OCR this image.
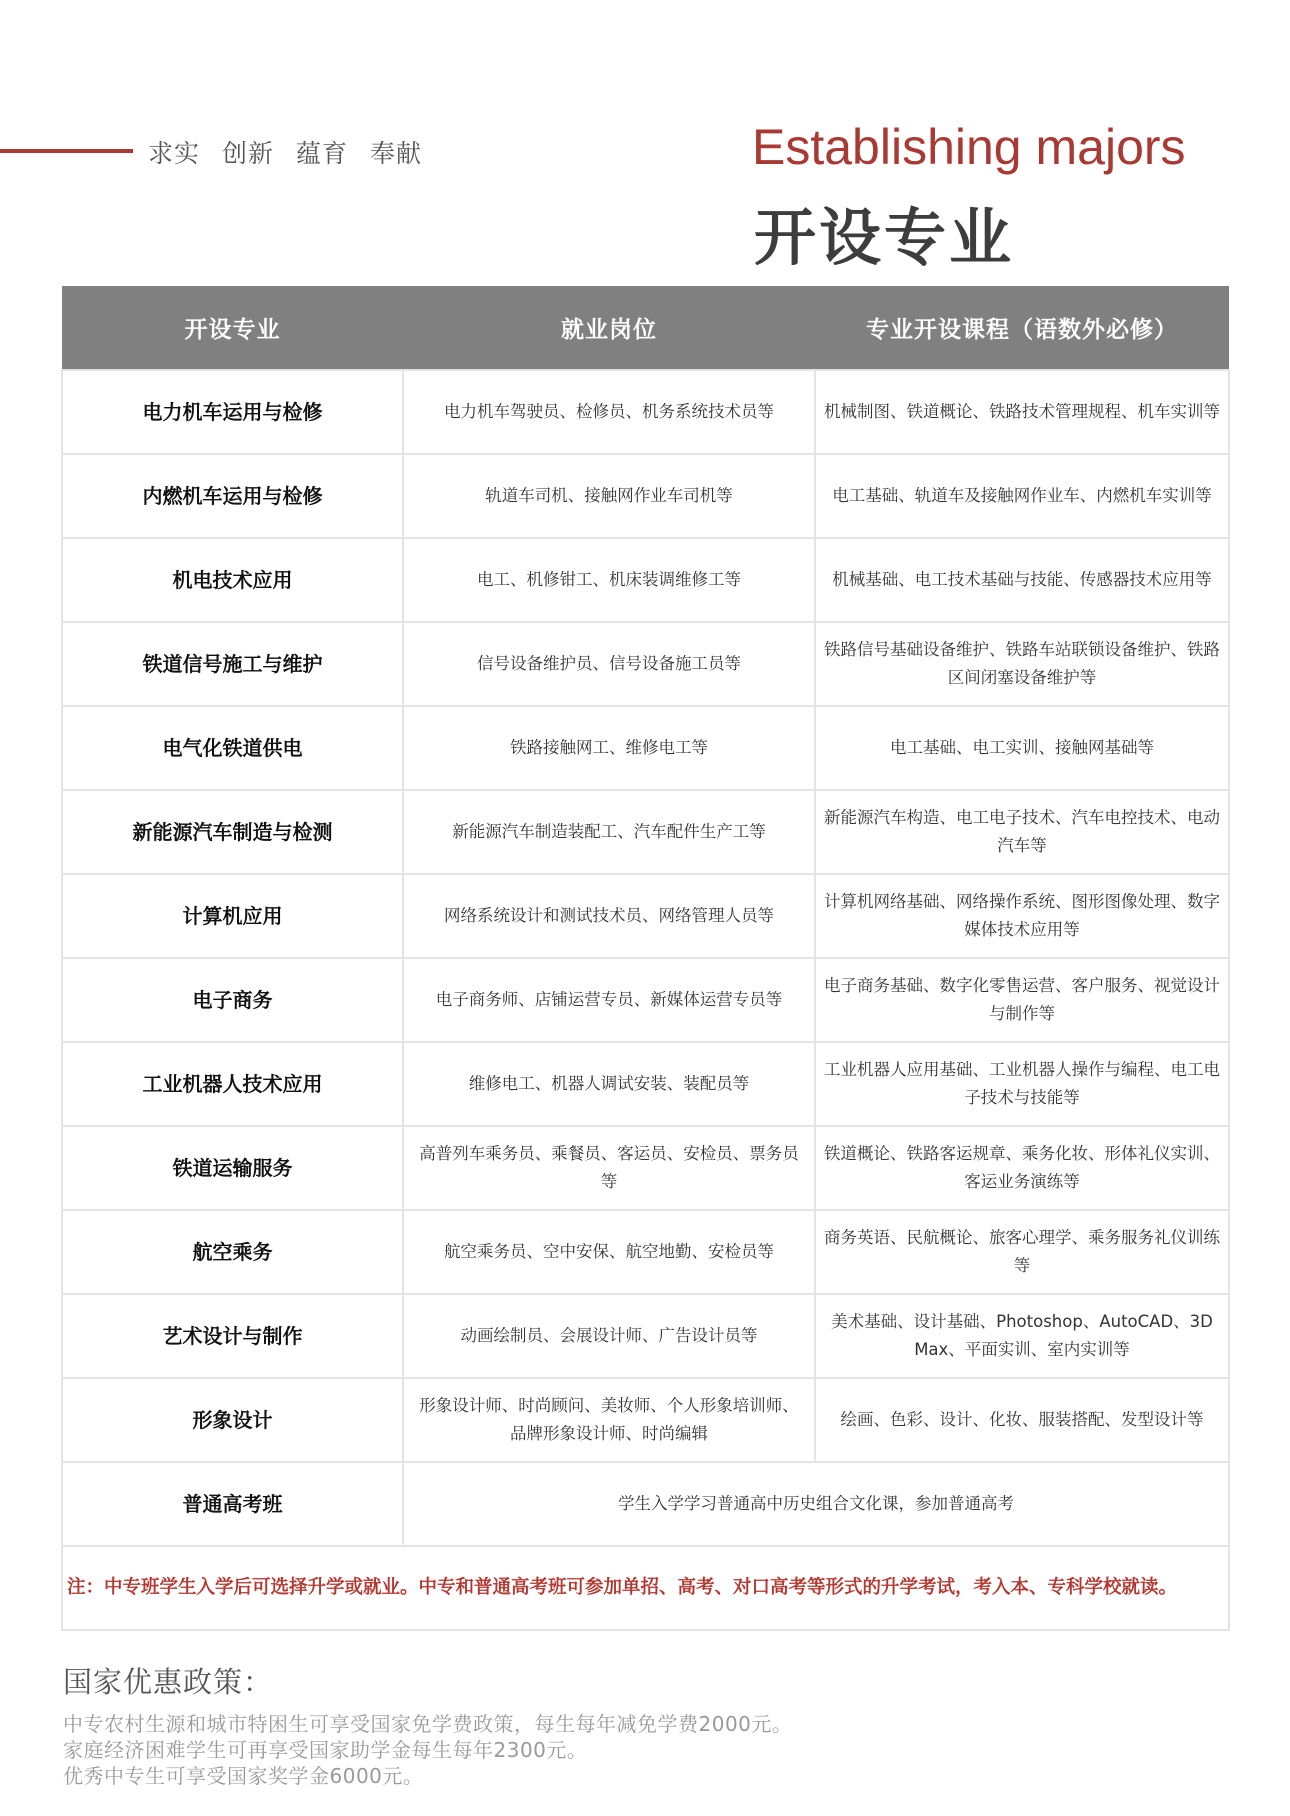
求实 创新 蕴育 奉献	Establishing majors
开设专业
开设专业	就业岗位	专业开设课程（语数外必修）
电力机车运用与检修	电力机车驾驶员、检修员、机务系统技术员等	机械制图、铁道概论、铁路技术管理规程、机车实训等
内燃机车运用与检修	轨道车司机、接触网作业车司机等	电工基础、轨道车及接触网作业车、内燃机车实训等
机电技术应用	电工、机修钳工、机床装调维修工等	机械基础、电工技术基础与技能、传感器技术应用等
铁道信号施工与维护	信号设备维护员、信号设备施工员等	铁路信号基础设备维护、铁路车站联锁设备维护、铁路区间闭塞设备维护等
电气化铁道供电	铁路接触网工、维修电工等	电工基础、电工实训、接触网基础等
新能源汽车制造与检测	新能源汽车制造装配工、汽车配件生产工等	新能源汽车构造、电工电子技术、汽车电控技术、电动汽车等
计算机应用	网络系统设计和测试技术员、网络管理人员等	计算机网络基础、网络操作系统、图形图像处理、数字媒体技术应用等
电子商务	电子商务师、店铺运营专员、新媒体运营专员等	电子商务基础、数字化零售运营、客户服务、视觉设计与制作等
工业机器人技术应用	维修电工、机器人调试安装、装配员等	工业机器人应用基础、工业机器人操作与编程、电工电子技术与技能等
铁道运输服务	高普列车乘务员、乘餐员、客运员、安检员、票务员等	铁道概论、铁路客运规章、乘务化妆、形体礼仪实训、客运业务演练等
航空乘务	航空乘务员、空中安保、航空地勤、安检员等	商务英语、民航概论、旅客心理学、乘务服务礼仪训练等
艺术设计与制作	动画绘制员、会展设计师、广告设计员等	美术基础、设计基础、Photoshop、AutoCAD、3D Max、平面实训、室内实训等
形象设计	形象设计师、时尚顾问、美妆师、个人形象培训师、品牌形象设计师、时尚编辑	绘画、色彩、设计、化妆、服装搭配、发型设计等
普通高考班	学生入学学习普通高中历史组合文化课，参加普通高考	
注：中专班学生入学后可选择升学或就业。中专和普通高考班可参加单招、高考、对口高考等形式的升学考试，考入本、专科学校就读。		
国家优惠政策：
中专农村生源和城市特困生可享受国家免学费政策，每生每年减免学费2000元。
家庭经济困难学生可再享受国家助学金每生每年2300元。
优秀中专生可享受国家奖学金6000元。
